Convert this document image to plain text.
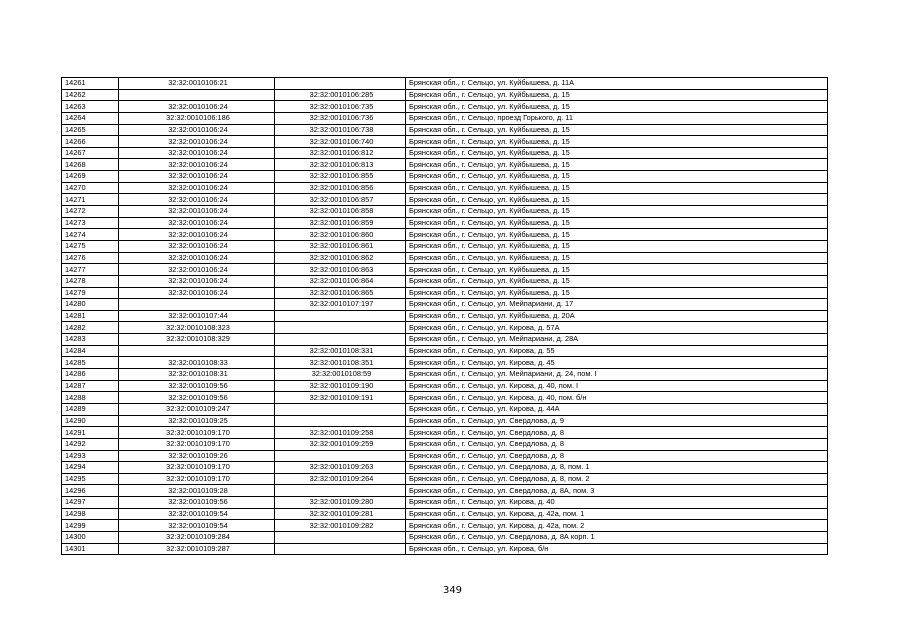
14261	32:32:0010106:21		Брянская обл., г. Сельцо, ул. Куйбышева, д. 11А
14262		32:32:0010106:285	Брянская обл., г. Сельцо, ул. Куйбышева, д. 15
14263	32:32:0010106:24	32:32:0010106:735	Брянская обл., г. Сельцо, ул. Куйбышева, д. 15
14264	32:32:0010106:186	32:32:0010106:736	Брянская обл., г. Сельцо, проезд Горького, д. 11
14265	32:32:0010106:24	32:32:0010106:738	Брянская обл., г. Сельцо, ул. Куйбышева, д. 15
14266	32:32:0010106:24	32:32:0010106:740	Брянская обл., г. Сельцо, ул. Куйбышева, д. 15
14267	32:32:0010106:24	32:32:0010106:812	Брянская обл., г. Сельцо, ул. Куйбышева, д. 15
14268	32:32:0010106:24	32:32:0010106:813	Брянская обл., г. Сельцо, ул. Куйбышева, д. 15
14269	32:32:0010106:24	32:32:0010106:855	Брянская обл., г. Сельцо, ул. Куйбышева, д. 15
14270	32:32:0010106:24	32:32:0010106:856	Брянская обл., г. Сельцо, ул. Куйбышева, д. 15
14271	32:32:0010106:24	32:32:0010106:857	Брянская обл., г. Сельцо, ул. Куйбышева, д. 15
14272	32:32:0010106:24	32:32:0010106:858	Брянская обл., г. Сельцо, ул. Куйбышева, д. 15
14273	32:32:0010106:24	32:32:0010106:859	Брянская обл., г. Сельцо, ул. Куйбышева, д. 15
14274	32:32:0010106:24	32:32:0010106:860	Брянская обл., г. Сельцо, ул. Куйбышева, д. 15
14275	32:32:0010106:24	32:32:0010106:861	Брянская обл., г. Сельцо, ул. Куйбышева, д. 15
14276	32:32:0010106:24	32:32:0010106:862	Брянская обл., г. Сельцо, ул. Куйбышева, д. 15
14277	32:32:0010106:24	32:32:0010106:863	Брянская обл., г. Сельцо, ул. Куйбышева, д. 15
14278	32:32:0010106:24	32:32:0010106:864	Брянская обл., г. Сельцо, ул. Куйбышева, д. 15
14279	32:32:0010106:24	32:32:0010106:865	Брянская обл., г. Сельцо, ул. Куйбышева, д. 15
14280		32:32:0010107:197	Брянская обл., г. Сельцо, ул. Мейпариани, д. 17
14281	32:32:0010107:44		Брянская обл., г. Сельцо, ул. Куйбышева, д. 20А
14282	32:32:0010108:323		Брянская обл., г. Сельцо, ул. Кирова, д. 57А
14283	32:32:0010108:329		Брянская обл., г. Сельцо, ул. Мейпариани, д. 28А
14284		32:32:0010108:331	Брянская обл., г. Сельцо, ул. Кирова, д. 55
14285	32:32:0010108:33	32:32:0010108:351	Брянская обл., г. Сельцо, ул. Кирова, д. 45
14286	32:32:0010108:31	32:32:0010108:59	Брянская обл., г. Сельцо, ул. Мейпариани, д. 24, пом. I
14287	32:32:0010109:56	32:32:0010109:190	Брянская обл., г. Сельцо, ул. Кирова, д. 40, пом. I
14288	32:32:0010109:56	32:32:0010109:191	Брянская обл., г. Сельцо, ул. Кирова, д. 40, пом. б/н
14289	32:32:0010109:247		Брянская обл., г. Сельцо, ул. Кирова, д. 44А
14290	32:32:0010109:25		Брянская обл., г. Сельцо, ул. Свердлова, д. 9
14291	32:32:0010109:170	32:32:0010109:258	Брянская обл., г. Сельцо, ул. Свердлова, д. 8
14292	32:32:0010109:170	32:32:0010109:259	Брянская обл., г. Сельцо, ул. Свердлова, д. 8
14293	32:32:0010109:26		Брянская обл., г. Сельцо, ул. Свердлова, д. 8
14294	32:32:0010109:170	32:32:0010109:263	Брянская обл., г. Сельцо, ул. Свердлова, д. 8, пом. 1
14295	32:32:0010109:170	32:32:0010109:264	Брянская обл., г. Сельцо, ул. Свердлова, д. 8, пом. 2
14296	32:32:0010109:28		Брянская обл., г. Сельцо, ул. Свердлова, д. 8А, пом. 3
14297	32:32:0010109:56	32:32:0010109:280	Брянская обл., г. Сельцо, ул. Кирова, д. 40
14298	32:32:0010109:54	32:32:0010109:281	Брянская обл., г. Сельцо, ул. Кирова, д. 42а, пом. 1
14299	32:32:0010109:54	32:32:0010109:282	Брянская обл., г. Сельцо, ул. Кирова, д. 42а, пом. 2
14300	32:32:0010109:284		Брянская обл., г. Сельцо, ул. Свердлова, д. 8А корп. 1
14301	32:32:0010109:287		Брянская обл., г. Сельцо, ул. Кирова, б/н
349
